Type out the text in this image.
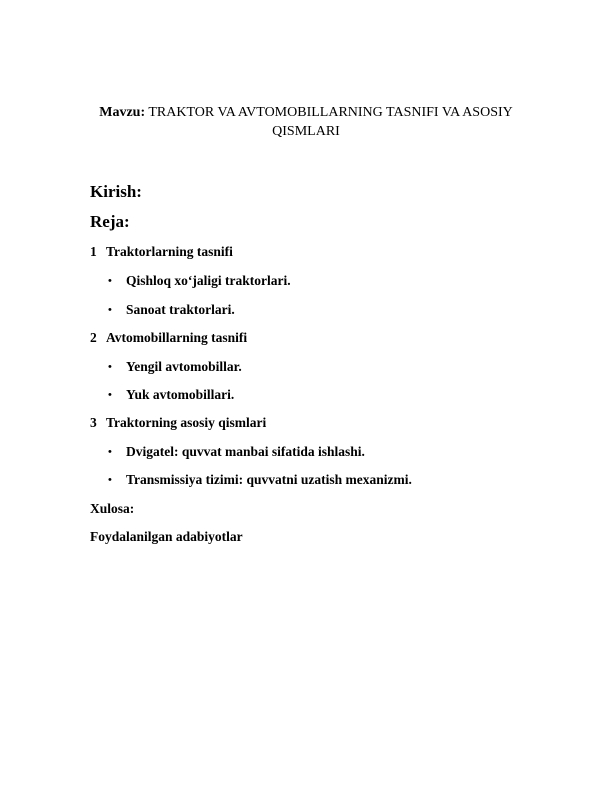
Mavzu: TRAKTOR VA AVTOMOBILLARNING TASNIFI VA ASOSIY QISMLARI
Kirish:
Reja:
1 Traktorlarning tasnifi
• Qishloq xo‘jaligi traktorlari.
• Sanoat traktorlari.
2 Avtomobillarning tasnifi
• Yengil avtomobillar.
• Yuk avtomobillari.
3 Traktorning asosiy qismlari
• Dvigatel: quvvat manbai sifatida ishlashi.
• Transmissiya tizimi: quvvatni uzatish mexanizmi.
Xulosa:
Foydalanilgan adabiyotlar
